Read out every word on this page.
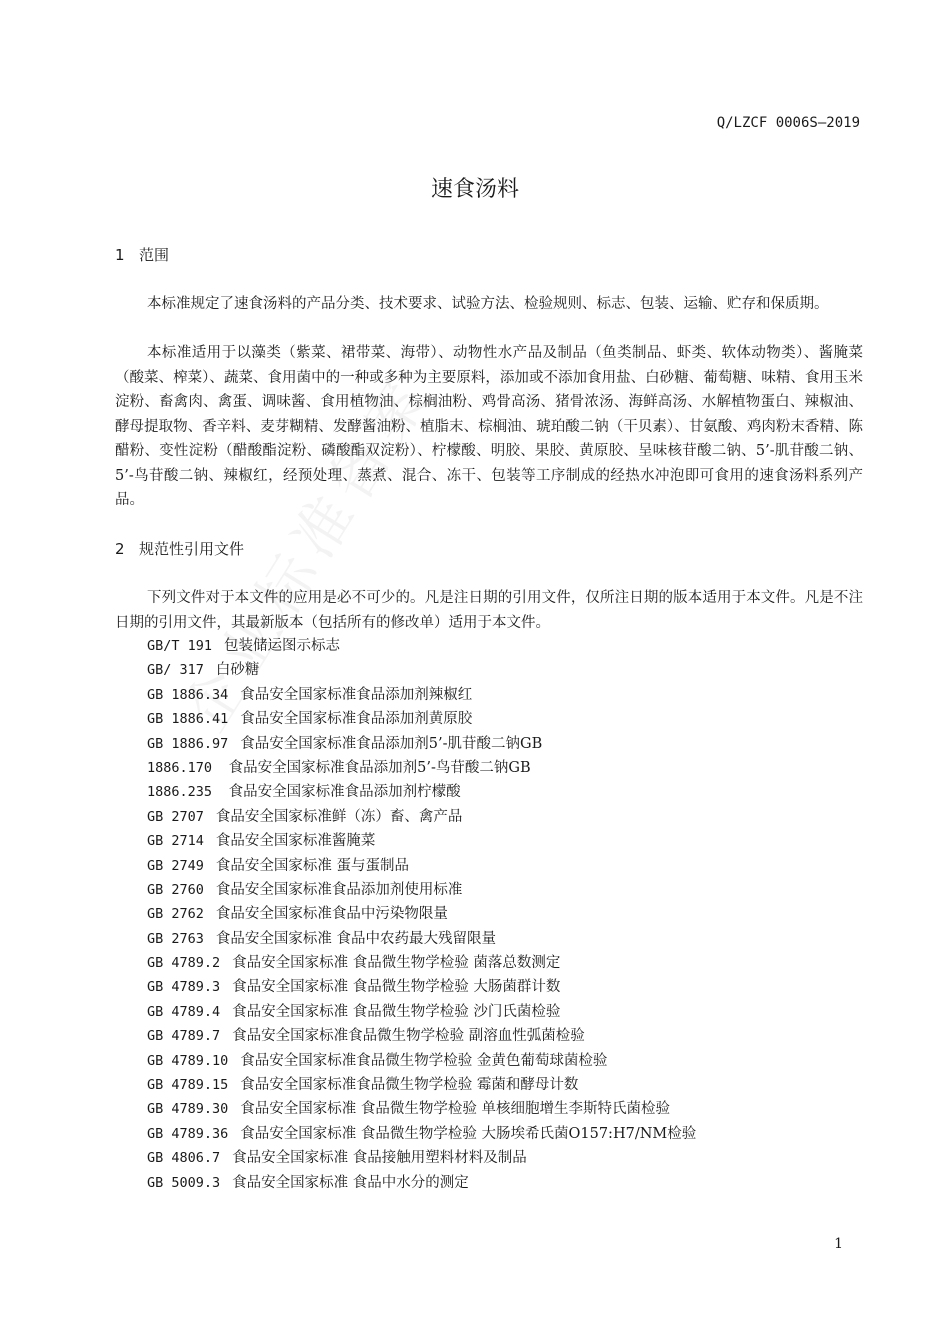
Q/LZCF 0006S—2019
速食汤料
1 范围

本标准规定了速食汤料的产品分类、技术要求、试验方法、检验规则、标志、包装、运输、贮存和保质期。

本标准适用于以藻类（紫菜、裙带菜、海带）、动物性水产品及制品（鱼类制品、虾类、软体动物类）、酱腌菜（酸菜、榨菜）、蔬菜、食用菌中的一种或多种为主要原料，添加或不添加食用盐、白砂糖、葡萄糖、味精、食用玉米淀粉、畜禽肉、禽蛋、调味酱、食用植物油、棕榈油粉、鸡骨高汤、猪骨浓汤、海鲜高汤、水解植物蛋白、辣椒油、酵母提取物、香辛料、麦芽糊精、发酵酱油粉、植脂末、棕榈油、琥珀酸二钠（干贝素）、甘氨酸、鸡肉粉末香精、陈醋粉、变性淀粉（醋酸酯淀粉、磷酸酯双淀粉）、柠檬酸、明胶、果胶、黄原胶、呈味核苷酸二钠、5’-肌苷酸二钠、5’-鸟苷酸二钠、辣椒红，经预处理、蒸煮、混合、冻干、包装等工序制成的经热水冲泡即可食用的速食汤料系列产品。

2 规范性引用文件

下列文件对于本文件的应用是必不可少的。凡是注日期的引用文件，仅所注日期的版本适用于本文件。凡是不注日期的引用文件，其最新版本（包括所有的修改单）适用于本文件。

GB/T 191 包装储运图示标志
GB/ 317 白砂糖
GB 1886.34 食品安全国家标准食品添加剂辣椒红
GB 1886.41 食品安全国家标准食品添加剂黄原胶
GB 1886.97 食品安全国家标准食品添加剂5’-肌苷酸二钠GB
1886.170 食品安全国家标准食品添加剂5’-鸟苷酸二钠GB
1886.235 食品安全国家标准食品添加剂柠檬酸
GB 2707 食品安全国家标准鲜（冻）畜、禽产品
GB 2714 食品安全国家标准酱腌菜
GB 2749 食品安全国家标准 蛋与蛋制品
GB 2760 食品安全国家标准食品添加剂使用标准
GB 2762 食品安全国家标准食品中污染物限量
GB 2763 食品安全国家标准 食品中农药最大残留限量
GB 4789.2 食品安全国家标准 食品微生物学检验 菌落总数测定
GB 4789.3 食品安全国家标准 食品微生物学检验 大肠菌群计数
GB 4789.4 食品安全国家标准 食品微生物学检验 沙门氏菌检验
GB 4789.7 食品安全国家标准食品微生物学检验 副溶血性弧菌检验
GB 4789.10 食品安全国家标准食品微生物学检验 金黄色葡萄球菌检验
GB 4789.15 食品安全国家标准食品微生物学检验 霉菌和酵母计数
GB 4789.30 食品安全国家标准 食品微生物学检验 单核细胞增生李斯特氏菌检验
GB 4789.36 食品安全国家标准 食品微生物学检验 大肠埃希氏菌O157:H7/NM检验
GB 4806.7 食品安全国家标准 食品接触用塑料材料及制品
GB 5009.3 食品安全国家标准 食品中水分的测定
1
